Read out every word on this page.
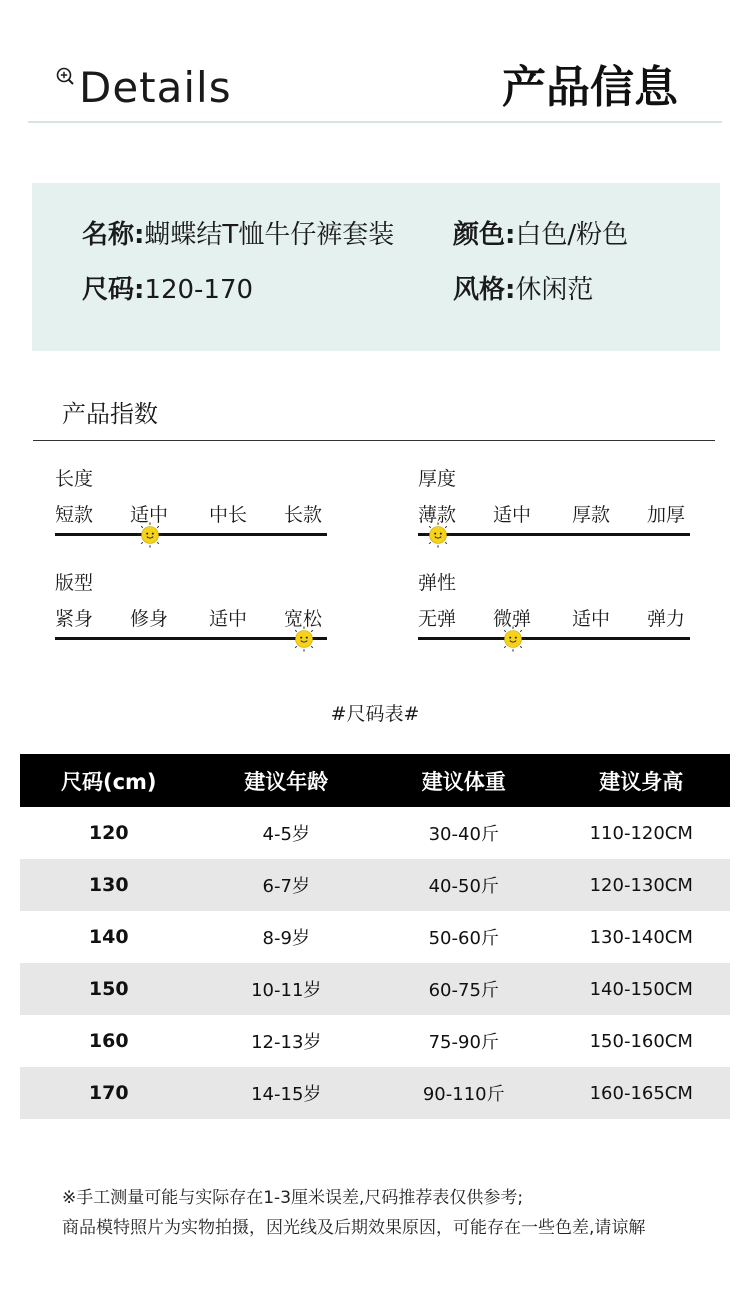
Details	产品信息
名称:蝴蝶结T恤牛仔裤套装 颜色:白色/粉色
尺码:120-170	风格:休闲范
产品指数
长度
短款 适中 中长 长款
厚度
薄款 适中 厚款 加厚
版型
紧身 修身 适中 宽松
弹性
无弹 微弹 适中 弹力
#尺码表#
尺码(cm)	建议年龄	建议体重	建议身高
120	4-5岁	30-40斤	110-120CM
130	6-7岁	40-50斤	120-130CM
140	8-9岁	50-60斤	130-140CM
150	10-11岁	60-75斤	140-150CM
160	12-13岁	75-90斤	150-160CM
170	14-15岁	90-110斤	160-165CM
※手工测量可能与实际存在1-3厘米误差,尺码推荐表仅供参考;
商品模特照片为实物拍摄，因光线及后期效果原因，可能存在一些色差,请谅解
